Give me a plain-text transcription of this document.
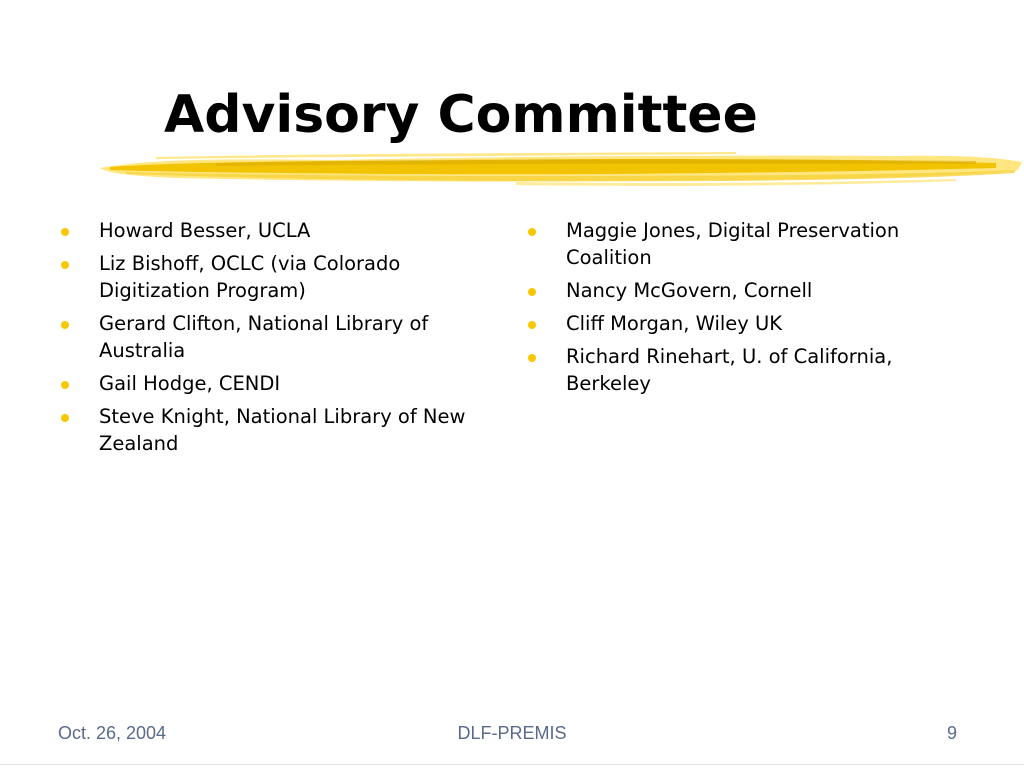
Advisory Committee
Howard Besser, UCLA
Liz Bishoff, OCLC (via Colorado Digitization Program)
Gerard Clifton, National Library of Australia
Gail Hodge, CENDI
Steve Knight, National Library of New Zealand
Maggie Jones, Digital Preservation Coalition
Nancy McGovern, Cornell
Cliff Morgan, Wiley UK
Richard Rinehart, U. of California, Berkeley
Oct. 26, 2004	DLF-PREMIS	9
